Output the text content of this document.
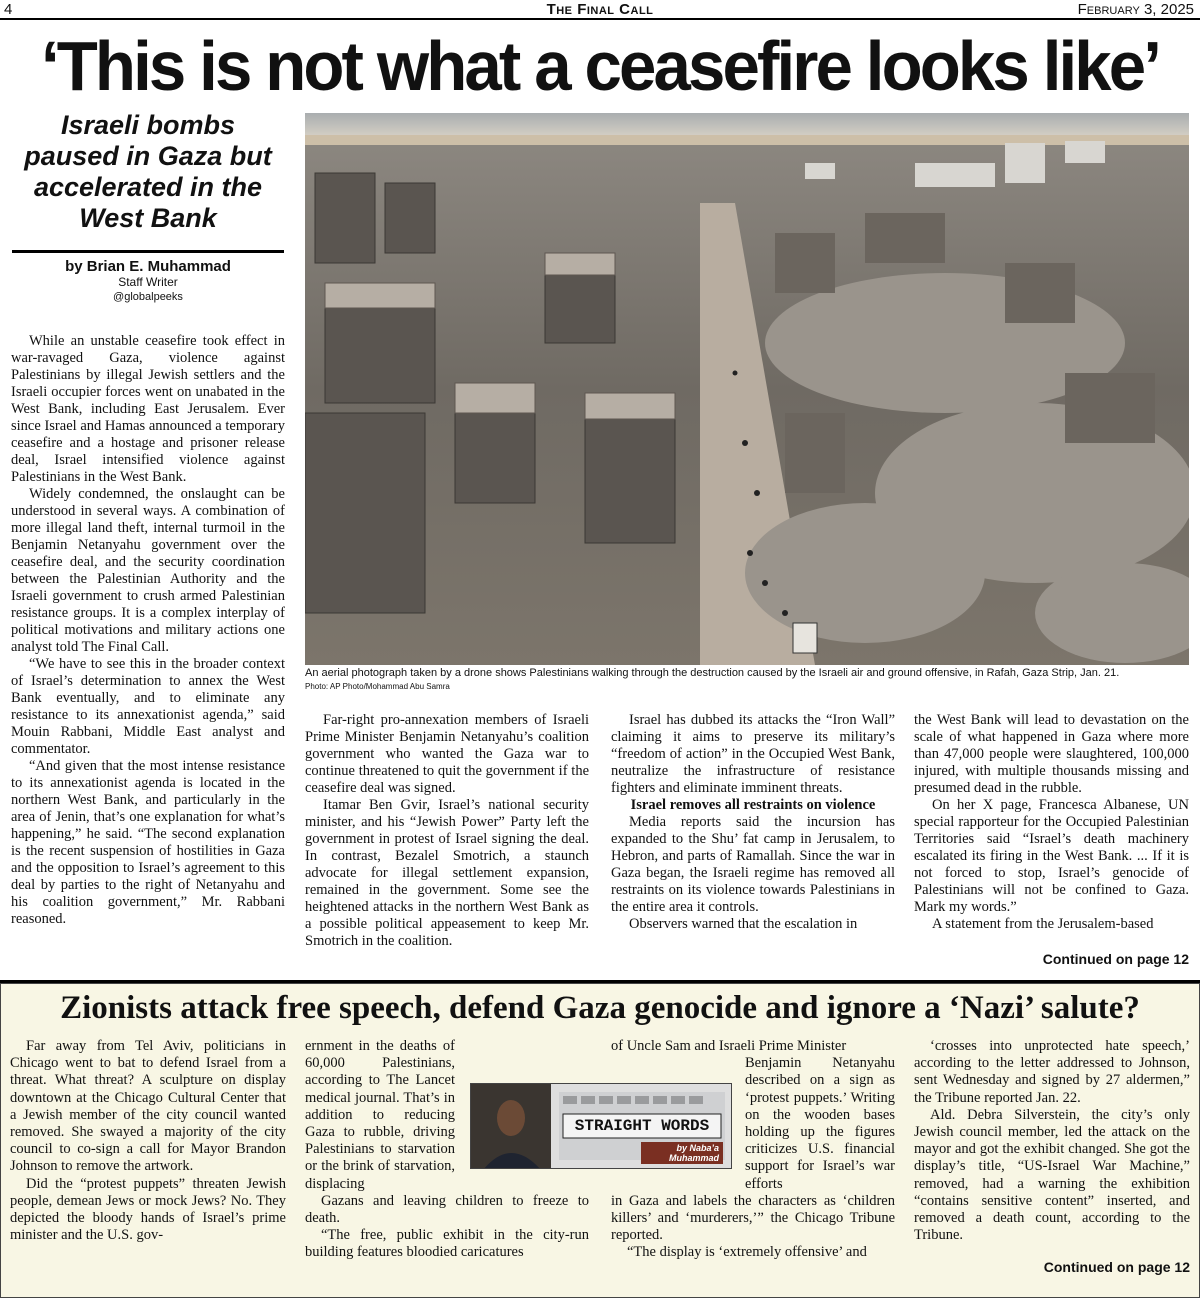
4	The Final Call	February 3, 2025
‘This is not what a ceasefire looks like’
Israeli bombs paused in Gaza but accelerated in the West Bank
by Brian E. Muhammad
Staff Writer
@globalpeeks
An aerial photograph taken by a drone shows Palestinians walking through the destruction caused by the Israeli air and ground offensive, in Rafah, Gaza Strip, Jan. 21.
Photo: AP Photo/Mohammad Abu Samra

While an unstable ceasefire took effect in war-ravaged Gaza, violence against Palestinians by illegal Jewish settlers and the Israeli occupier forces went on unabated in the West Bank, including East Jerusalem. Ever since Israel and Hamas announced a temporary ceasefire and a hostage and prisoner release deal, Israel intensified violence against Palestinians in the West Bank.

Widely condemned, the onslaught can be understood in several ways. A combination of more illegal land theft, internal turmoil in the Benjamin Netanyahu government over the ceasefire deal, and the security coordination between the Palestinian Authority and the Israeli government to crush armed Palestinian resistance groups. It is a complex interplay of political motivations and military actions one analyst told The Final Call.

“We have to see this in the broader context of Israel’s determination to annex the West Bank eventually, and to eliminate any resistance to its annexationist agenda,” said Mouin Rabbani, Middle East analyst and commentator.

“And given that the most intense resistance to its annexationist agenda is located in the northern West Bank, and particularly in the area of Jenin, that’s one explanation for what’s happening,” he said. “The second explanation is the recent suspension of hostilities in Gaza and the opposition to Israel’s agreement to this deal by parties to the right of Netanyahu and his coalition government,” Mr. Rabbani reasoned.

Far-right pro-annexation members of Israeli Prime Minister Benjamin Netanyahu’s coalition government who wanted the Gaza war to continue threatened to quit the government if the ceasefire deal was signed.

Itamar Ben Gvir, Israel’s national security minister, and his “Jewish Power” Party left the government in protest of Israel signing the deal. In contrast, Bezalel Smotrich, a staunch advocate for illegal settlement expansion, remained in the government. Some see the heightened attacks in the northern West Bank as a possible political appeasement to keep Mr. Smotrich in the coalition.

Israel has dubbed its attacks the “Iron Wall” claiming it aims to preserve its military’s “freedom of action” in the Occupied West Bank, neutralize the infrastructure of resistance fighters and eliminate imminent threats.

Israel removes all restraints on violence

Media reports said the incursion has expanded to the Shu’ fat camp in Jerusalem, to Hebron, and parts of Ramallah. Since the war in Gaza began, the Israeli regime has removed all restraints on its violence towards Palestinians in the entire area it controls.

Observers warned that the escalation in

the West Bank will lead to devastation on the scale of what happened in Gaza where more than 47,000 people were slaughtered, 100,000 injured, with multiple thousands missing and presumed dead in the rubble.

On her X page, Francesca Albanese, UN special rapporteur for the Occupied Palestinian Territories said “Israel’s death machinery escalated its firing in the West Bank. ... If it is not forced to stop, Israel’s genocide of Palestinians will not be confined to Gaza. Mark my words.”

A statement from the Jerusalem-based

Continued on page 12
Zionists attack free speech, defend Gaza genocide and ignore a ‘Nazi’ salute?

Far away from Tel Aviv, politicians in Chicago went to bat to defend Israel from a threat. What threat? A sculpture on display downtown at the Chicago Cultural Center that a Jewish member of the city council wanted removed. She swayed a majority of the city council to co-sign a call for Mayor Brandon Johnson to remove the artwork.

Did the “protest puppets” threaten Jewish people, demean Jews or mock Jews? No. They depicted the bloody hands of Israel’s prime minister and the U.S. gov-

ernment in the deaths of 60,000 Palestinians, according to The Lancet medical journal. That’s in addition to reducing Gaza to rubble, driving Palestinians to starvation or the brink of starvation, displacing

Gazans and leaving children to freeze to death.

“The free, public exhibit in the city-run building features bloodied caricatures

of Uncle Sam and Israeli Prime Minister
Benjamin Netanyahu described on a sign as ‘protest puppets.’ Writing on the wooden bases holding up the figures criticizes U.S. financial support for Israel’s war efforts
in Gaza and labels the characters as ‘children killers’ and ‘murderers,’” the Chicago Tribune reported.

“The display is ‘extremely offensive’ and

‘crosses into unprotected hate speech,’ according to the letter addressed to Johnson, sent Wednesday and signed by 27 aldermen,” the Tribune reported Jan. 22.

Ald. Debra Silverstein, the city’s only Jewish council member, led the attack on the mayor and got the exhibit changed. She got the display’s title, “US-Israel War Machine,” removed, had a warning the exhibition “contains sensitive content” inserted, and removed a death count, according to the Tribune.

Continued on page 12
STRAIGHT WORDS
by Naba’a
Muhammad
